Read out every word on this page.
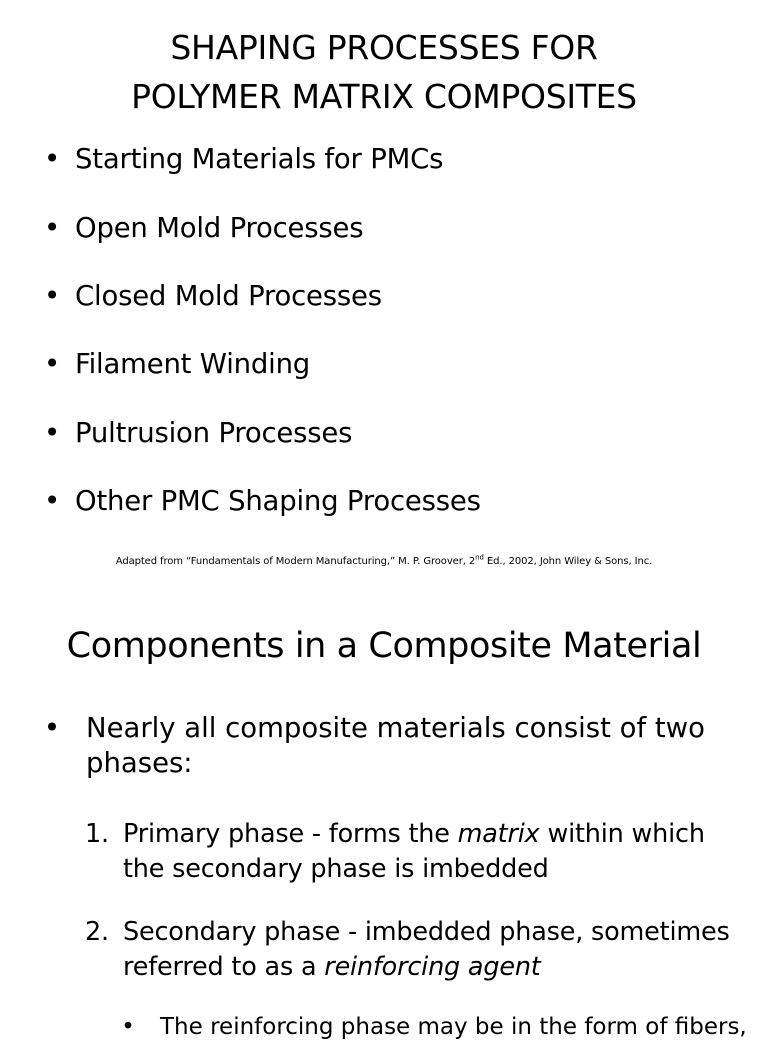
SHAPING PROCESSES FOR
POLYMER MATRIX COMPOSITES
• Starting Materials for PMCs
• Open Mold Processes
• Closed Mold Processes
• Filament Winding
• Pultrusion Processes
• Other PMC Shaping Processes
Adapted from “Fundamentals of Modern Manufacturing,” M. P. Groover, 2nd Ed., 2002, John Wiley & Sons, Inc.
Components in a Composite Material
• Nearly all composite materials consist of two
phases:
1. Primary phase - forms the matrix within which
the secondary phase is imbedded
2. Secondary phase - imbedded phase, sometimes
referred to as a reinforcing agent
• The reinforcing phase may be in the form of fibers,
